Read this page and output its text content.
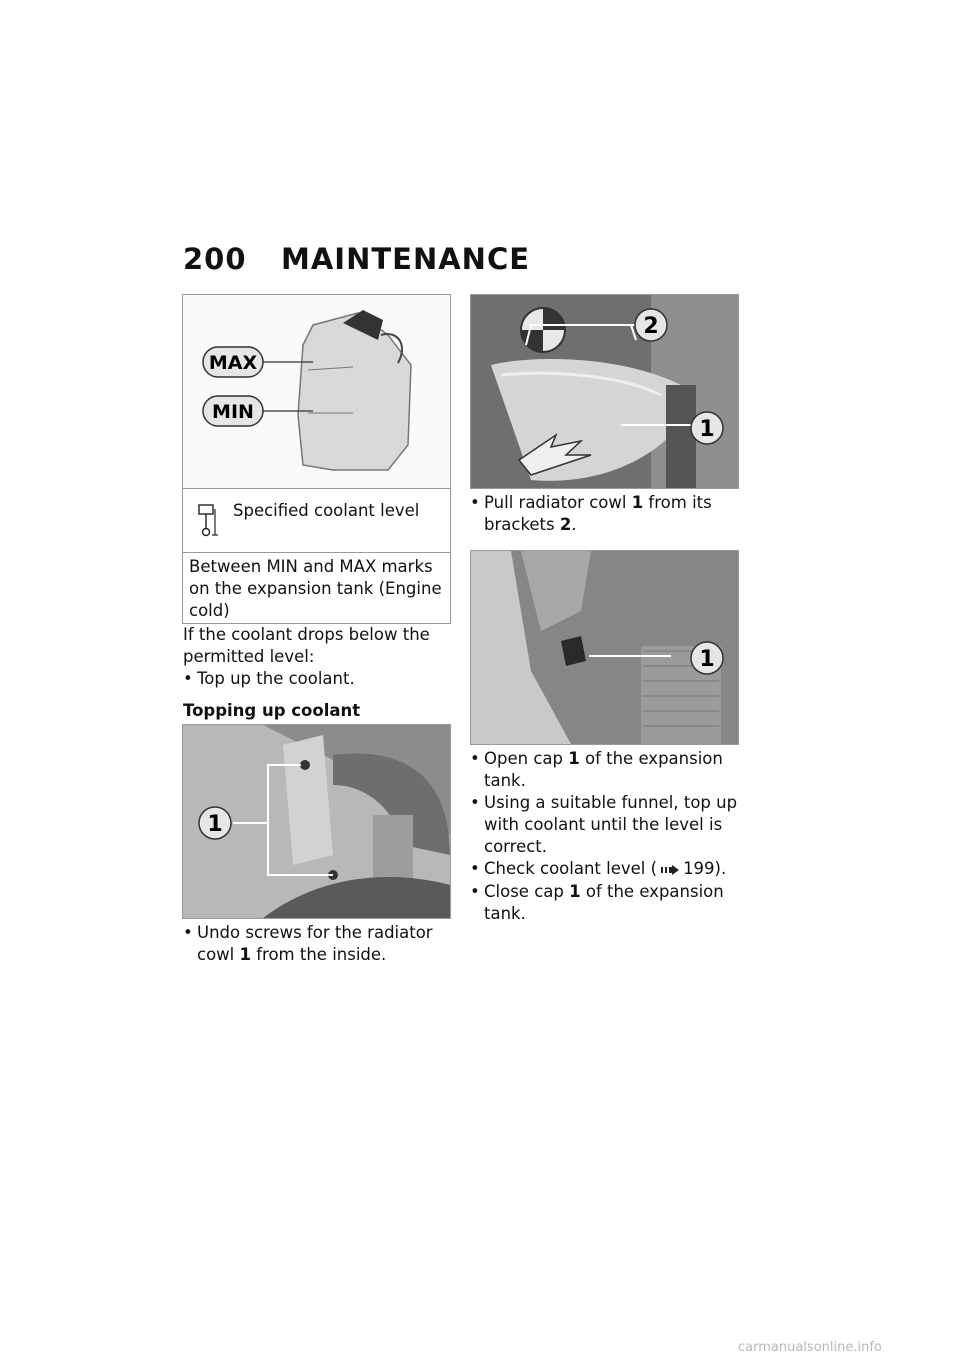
200 MAINTENANCE
MAX
MIN
Specified coolant level
Between MIN and MAX marks on the expansion tank (Engine cold)
If the coolant drops below the permitted level:
• Top up the coolant.
Topping up coolant
1
• Undo screws for the radiator cowl 1 from the inside.
2
1
• Pull radiator cowl 1 from its brackets 2.
1
• Open cap 1 of the expansion tank.
• Using a suitable funnel, top up with coolant until the level is correct.
• Check coolant level ( 199).
• Close cap 1 of the expansion tank.
carmanualsonline.info
